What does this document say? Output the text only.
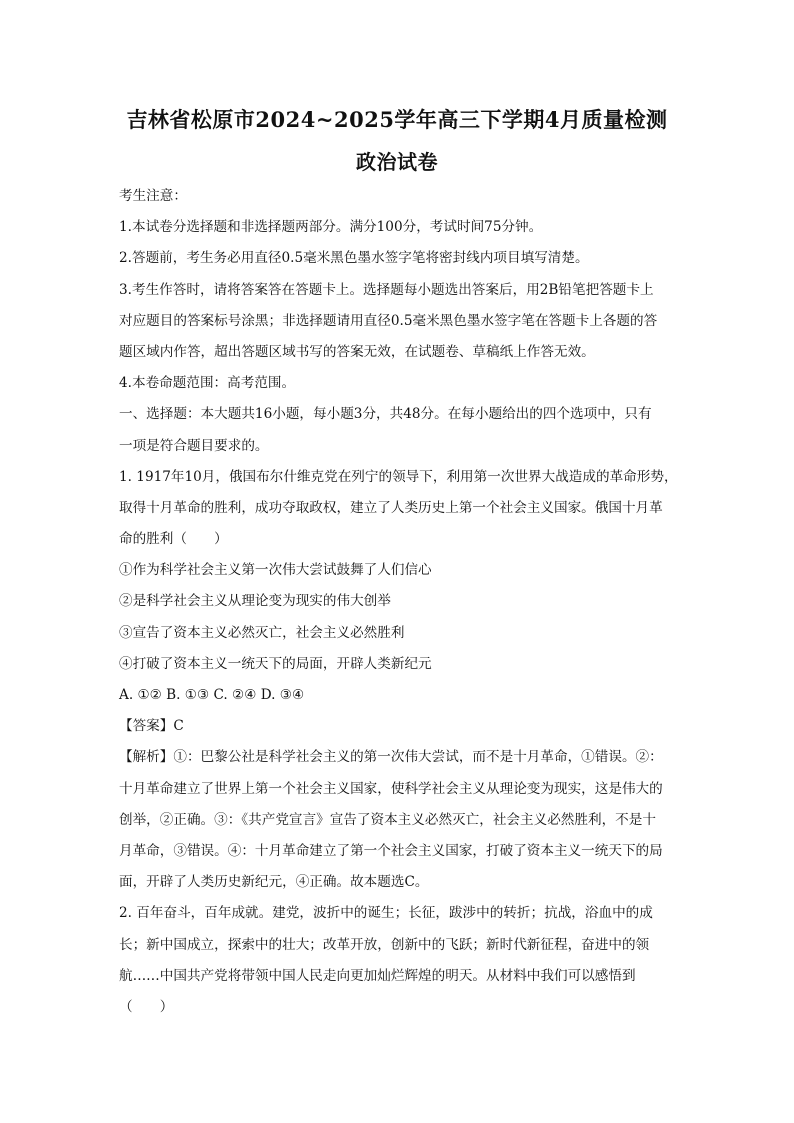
吉林省松原市2024~2025学年高三下学期4月质量检测
政治试卷
考生注意：
1.本试卷分选择题和非选择题两部分。满分100分，考试时间75分钟。
2.答题前，考生务必用直径0.5毫米黑色墨水签字笔将密封线内项目填写清楚。
3.考生作答时，请将答案答在答题卡上。选择题每小题选出答案后，用2B铅笔把答题卡上
对应题目的答案标号涂黑；非选择题请用直径0.5毫米黑色墨水签字笔在答题卡上各题的答
题区域内作答，超出答题区域书写的答案无效，在试题卷、草稿纸上作答无效。
4.本卷命题范围：高考范围。
一、选择题：本大题共16小题，每小题3分，共48分。在每小题给出的四个选项中，只有
一项是符合题目要求的。
1. 1917年10月，俄国布尔什维克党在列宁的领导下，利用第一次世界大战造成的革命形势，
取得十月革命的胜利，成功夺取政权，建立了人类历史上第一个社会主义国家。俄国十月革
命的胜利（　　）
①作为科学社会主义第一次伟大尝试鼓舞了人们信心
②是科学社会主义从理论变为现实的伟大创举
③宣告了资本主义必然灭亡，社会主义必然胜利
④打破了资本主义一统天下的局面，开辟人类新纪元
A. ①② B. ①③ C. ②④ D. ③④
【答案】C
【解析】①：巴黎公社是科学社会主义的第一次伟大尝试，而不是十月革命，①错误。②：
十月革命建立了世界上第一个社会主义国家，使科学社会主义从理论变为现实，这是伟大的
创举，②正确。③：《共产党宣言》宣告了资本主义必然灭亡，社会主义必然胜利，不是十
月革命，③错误。④：十月革命建立了第一个社会主义国家，打破了资本主义一统天下的局
面，开辟了人类历史新纪元，④正确。故本题选C。
2. 百年奋斗，百年成就。建党，波折中的诞生；长征，跋涉中的转折；抗战，浴血中的成
长；新中国成立，探索中的壮大；改革开放，创新中的飞跃；新时代新征程，奋进中的领
航……中国共产党将带领中国人民走向更加灿烂辉煌的明天。从材料中我们可以感悟到
（　　）
